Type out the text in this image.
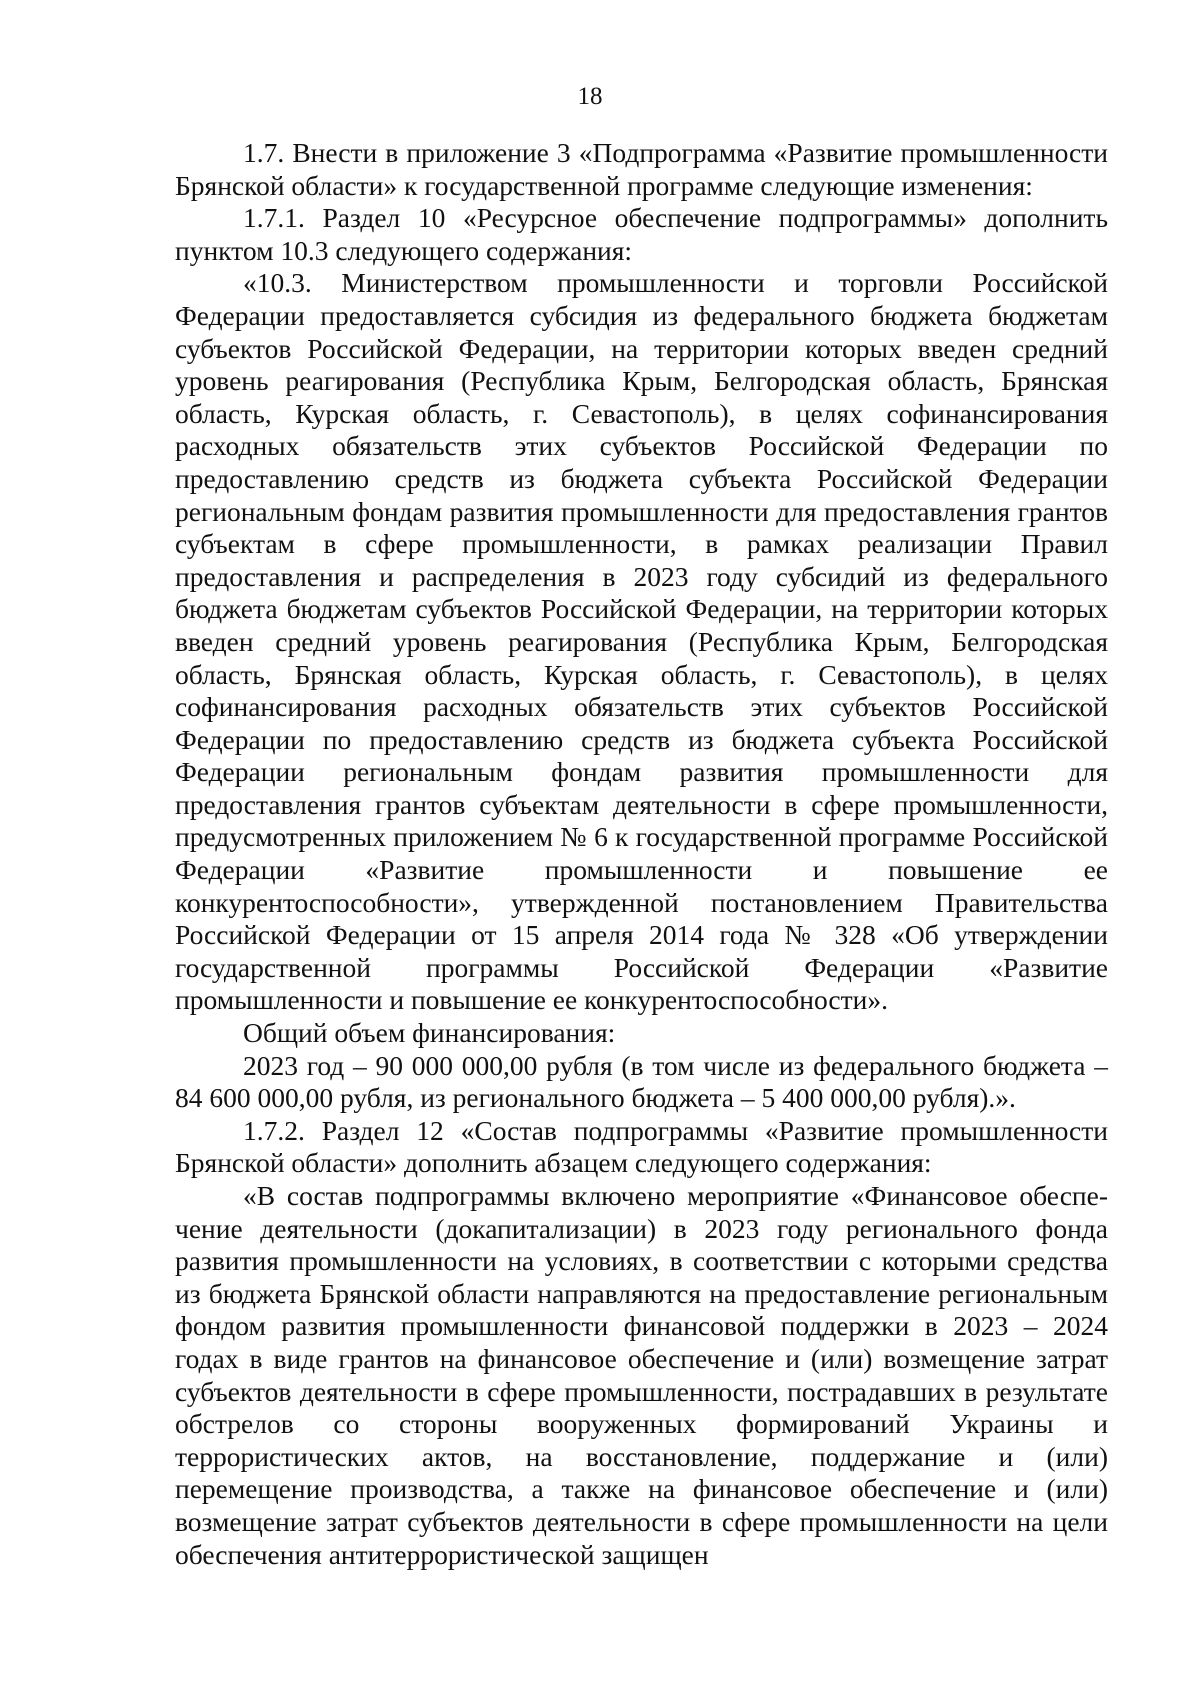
18

1.7. Внести в приложение 3 «Подпрограмма «Развитие промышленности Брянской области» к государственной программе следующие изменения:

1.7.1. Раздел 10 «Ресурсное обеспечение подпрограммы» дополнить пунктом 10.3 следующего содержания:

«10.3. Министерством промышленности и торговли Российской Федерации предоставляется субсидия из федерального бюджета бюджетам субъектов Российской Федерации, на территории которых введен средний уровень реагирования (Республика Крым, Белгородская область, Брянская область, Курская область, г. Севастополь), в целях софинансирования расходных обязательств этих субъектов Российской Федерации по предоставлению средств из бюджета субъекта Российской Федерации региональным фондам развития промышленности для предоставления грантов субъектам в сфере промышленности, в рамках реализации Правил предоставления и распределения в 2023 году субсидий из федерального бюджета бюджетам субъектов Российской Федерации, на территории которых введен средний уровень реагирования (Республика Крым, Белгородская область, Брянская область, Курская область, г. Севастополь), в целях софинансирования расходных обязательств этих субъектов Российской Федерации по предоставлению средств из бюджета субъекта Российской Федерации региональным фондам развития промышленности для предоставления грантов субъектам деятельности в сфере промышленности, предусмотренных приложением № 6 к государственной программе Российской Федерации «Развитие промышленности и повышение ее конкурентоспособности», утвержденной постановлением Правительства Российской Федерации от 15 апреля 2014 года № 328 «Об утверждении государственной программы Российской Федерации «Развитие промышленности и повышение ее конкурентоспособности».

Общий объем финансирования:

2023 год – 90 000 000,00 рубля (в том числе из федерального бюджета – 84 600 000,00 рубля, из регионального бюджета – 5 400 000,00 рубля).».

1.7.2. Раздел 12 «Состав подпрограммы «Развитие промышленности Брянской области» дополнить абзацем следующего содержания:

«В состав подпрограммы включено мероприятие «Финансовое обеспечение деятельности (докапитализации) в 2023 году регионального фонда развития промышленности на условиях, в соответствии с которыми средства из бюджета Брянской области направляются на предоставление региональным фондом развития промышленности финансовой поддержки в 2023 – 2024 годах в виде грантов на финансовое обеспечение и (или) возмещение затрат субъектов деятельности в сфере промышленности, пострадавших в результате обстрелов со стороны вооруженных формирований Украины и террористических актов, на восстановление, поддержание и (или) перемещение производства, а также на финансовое обеспечение и (или) возмещение затрат субъектов деятельности в сфере промышленности на цели обеспечения антитеррористической защищен
